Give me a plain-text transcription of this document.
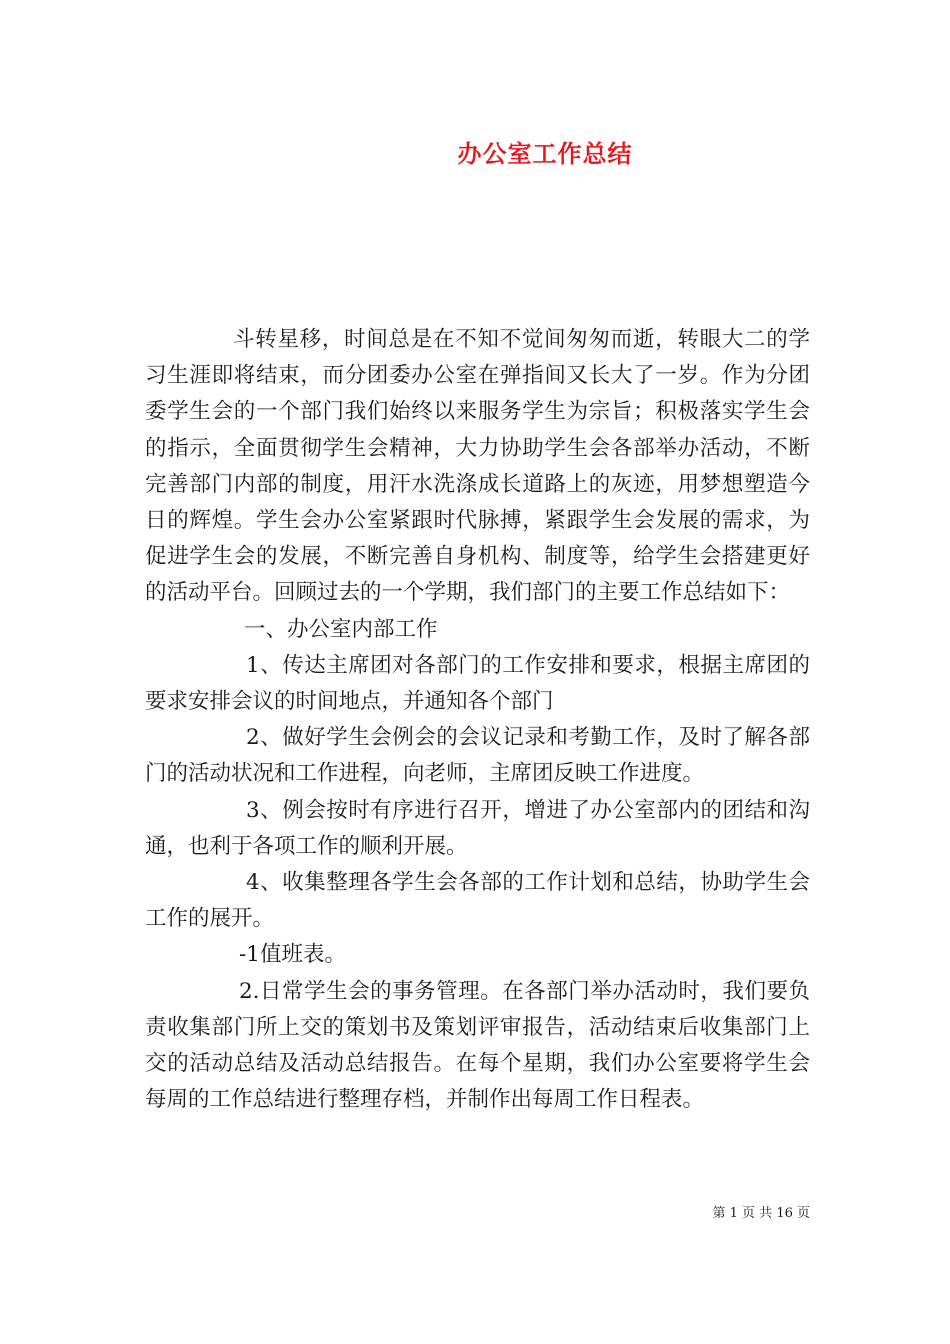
办公室工作总结

斗转星移，时间总是在不知不觉间匆匆而逝，转眼大二的学习生涯即将结束，而分团委办公室在弹指间又长大了一岁。作为分团委学生会的一个部门我们始终以来服务学生为宗旨；积极落实学生会的指示，全面贯彻学生会精神，大力协助学生会各部举办活动，不断完善部门内部的制度，用汗水洗涤成长道路上的灰迹，用梦想塑造今日的辉煌。学生会办公室紧跟时代脉搏，紧跟学生会发展的需求，为促进学生会的发展，不断完善自身机构、制度等，给学生会搭建更好的活动平台。回顾过去的一个学期，我们部门的主要工作总结如下：

一、办公室内部工作

1、传达主席团对各部门的工作安排和要求，根据主席团的要求安排会议的时间地点，并通知各个部门

2、做好学生会例会的会议记录和考勤工作，及时了解各部门的活动状况和工作进程，向老师，主席团反映工作进度。

3、例会按时有序进行召开，增进了办公室部内的团结和沟通，也利于各项工作的顺利开展。

4、收集整理各学生会各部的工作计划和总结，协助学生会工作的展开。

-1值班表。

2.日常学生会的事务管理。在各部门举办活动时，我们要负责收集部门所上交的策划书及策划评审报告，活动结束后收集部门上交的活动总结及活动总结报告。在每个星期，我们办公室要将学生会每周的工作总结进行整理存档，并制作出每周工作日程表。

第 1 页 共 16 页
